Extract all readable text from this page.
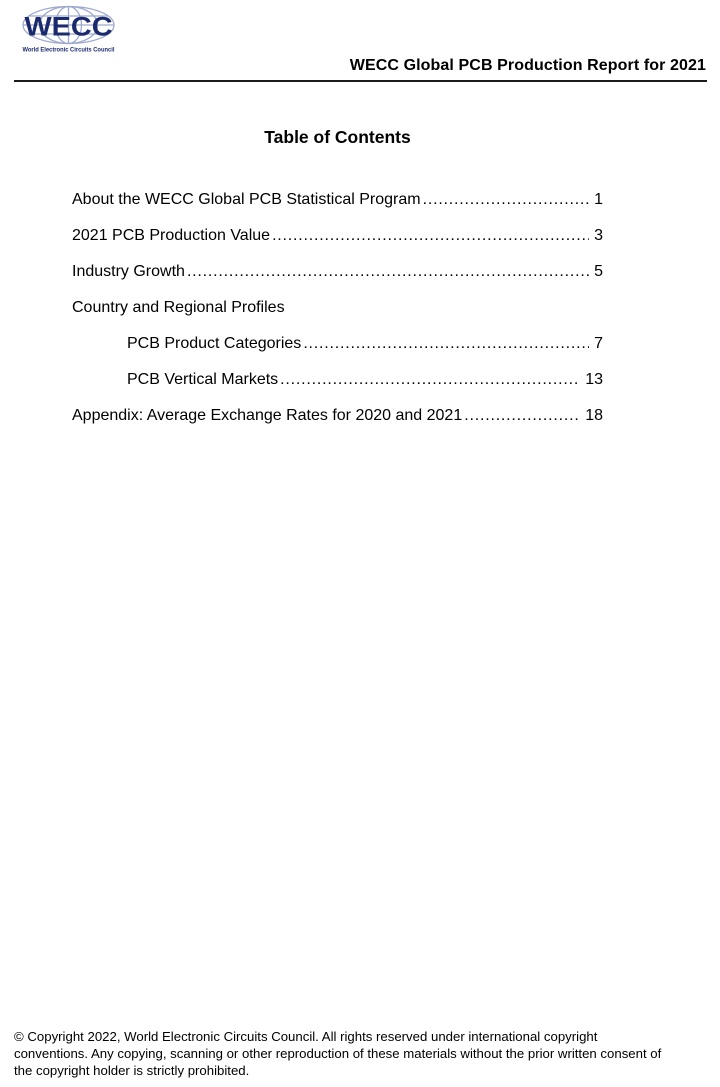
WECC
World Electronic Circuits Council
WECC Global PCB Production Report for 2021
Table of Contents
About the WECC Global PCB Statistical Program .....	1
2021 PCB Production Value .....	3
Industry Growth .....	5
Country and Regional Profiles
PCB Product Categories .....	7
PCB Vertical Markets .....	13
Appendix: Average Exchange Rates for 2020 and 2021 .....	18
© Copyright 2022, World Electronic Circuits Council. All rights reserved under international copyright
conventions. Any copying, scanning or other reproduction of these materials without the prior written consent of
the copyright holder is strictly prohibited.
